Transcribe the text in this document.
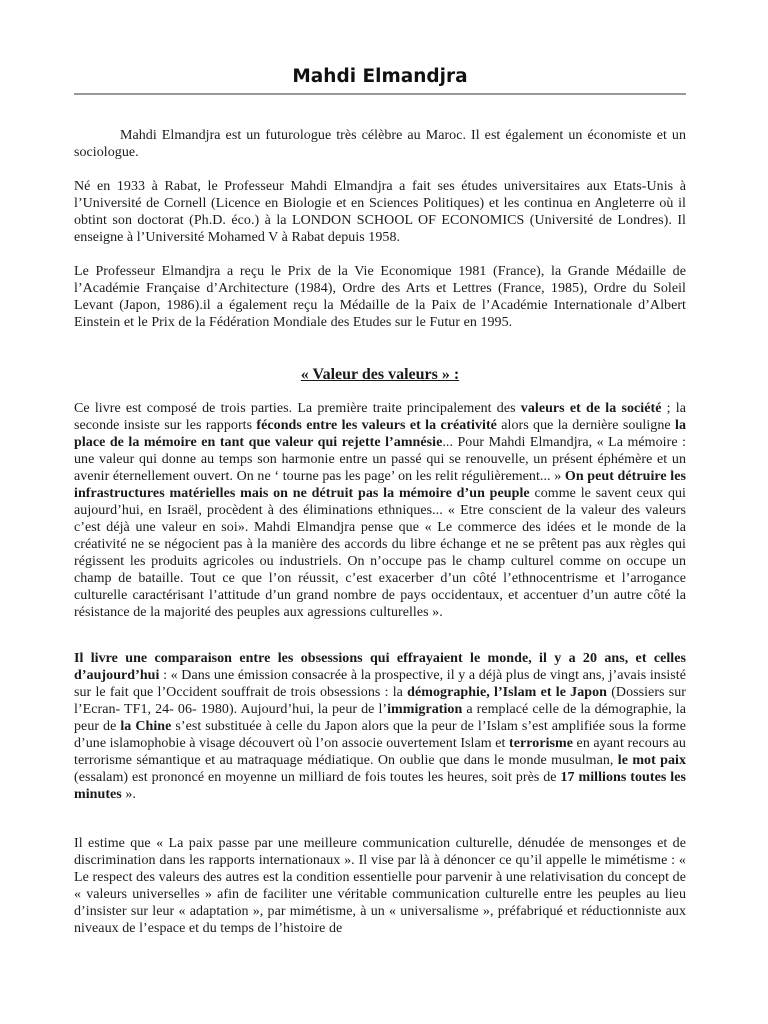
Mahdi Elmandjra

Mahdi Elmandjra est un futurologue très célèbre au Maroc. Il est également un économiste et un sociologue.

Né en 1933 à Rabat, le Professeur Mahdi Elmandjra a fait ses études universitaires aux Etats-Unis à l’Université de Cornell (Licence en Biologie et en Sciences Politiques) et les continua en Angleterre où il obtint son doctorat (Ph.D. éco.) à la LONDON SCHOOL OF ECONOMICS (Université de Londres). Il enseigne à l’Université Mohamed V à Rabat depuis 1958.

Le Professeur Elmandjra a reçu le Prix de la Vie Economique 1981 (France), la Grande Médaille de l’Académie Française d’Architecture (1984), Ordre des Arts et Lettres (France, 1985), Ordre du Soleil Levant (Japon, 1986).il a également reçu la Médaille de la Paix de l’Académie Internationale d’Albert Einstein et le Prix de la Fédération Mondiale des Etudes sur le Futur en 1995.

« Valeur des valeurs » :

Ce livre est composé de trois parties. La première traite principalement des valeurs et de la société ; la seconde insiste sur les rapports féconds entre les valeurs et la créativité alors que la dernière souligne la place de la mémoire en tant que valeur qui rejette l’amnésie... Pour Mahdi Elmandjra, « La mémoire : une valeur qui donne au temps son harmonie entre un passé qui se renouvelle, un présent éphémère et un avenir éternellement ouvert. On ne ‘ tourne pas les page’ on les relit régulièrement... » On peut détruire les infrastructures matérielles mais on ne détruit pas la mémoire d’un peuple comme le savent ceux qui aujourd’hui, en Israël, procèdent à des éliminations ethniques... « Etre conscient de la valeur des valeurs c’est déjà une valeur en soi». Mahdi Elmandjra pense que « Le commerce des idées et le monde de la créativité ne se négocient pas à la manière des accords du libre échange et ne se prêtent pas aux règles qui régissent les produits agricoles ou industriels. On n’occupe pas le champ culturel comme on occupe un champ de bataille. Tout ce que l’on réussit, c’est exacerber d’un côté l’ethnocentrisme et l’arrogance culturelle caractérisant l’attitude d’un grand nombre de pays occidentaux, et accentuer d’un autre côté la résistance de la majorité des peuples aux agressions culturelles ».

Il livre une comparaison entre les obsessions qui effrayaient le monde, il y a 20 ans, et celles d’aujourd’hui : « Dans une émission consacrée à la prospective, il y a déjà plus de vingt ans, j’avais insisté sur le fait que l’Occident souffrait de trois obsessions : la démographie, l’Islam et le Japon (Dossiers sur l’Ecran- TF1, 24- 06- 1980). Aujourd’hui, la peur de l’immigration a remplacé celle de la démographie, la peur de la Chine s’est substituée à celle du Japon alors que la peur de l’Islam s’est amplifiée sous la forme d’une islamophobie à visage découvert où l’on associe ouvertement Islam et terrorisme en ayant recours au terrorisme sémantique et au matraquage médiatique. On oublie que dans le monde musulman, le mot paix (essalam) est prononcé en moyenne un milliard de fois toutes les heures, soit près de 17 millions toutes les minutes ».

Il estime que « La paix passe par une meilleure communication culturelle, dénudée de mensonges et de discrimination dans les rapports internationaux ». Il vise par là à dénoncer ce qu’il appelle le mimétisme : « Le respect des valeurs des autres est la condition essentielle pour parvenir à une relativisation du concept de « valeurs universelles » afin de faciliter une véritable communication culturelle entre les peuples au lieu d’insister sur leur « adaptation », par mimétisme, à un « universalisme », préfabriqué et réductionniste aux niveaux de l’espace et du temps de l’histoire de
